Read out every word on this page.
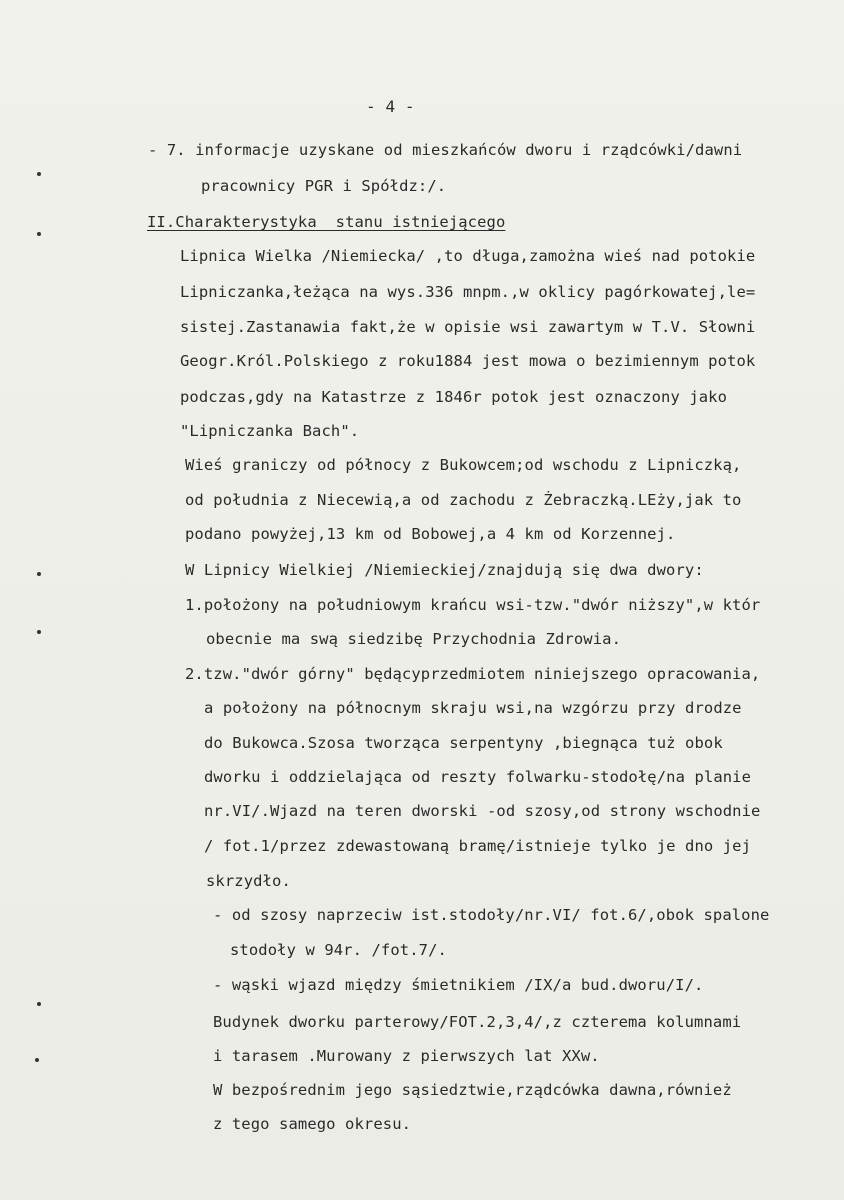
- 4 -
- 7. informacje uzyskane od mieszkańców dworu i rządcówki/dawni
pracownicy PGR i Spółdz:/.
II.Charakterystyka  stanu istniejącego
Lipnica Wielka /Niemiecka/ ,to długa,zamożna wieś nad potokie
Lipniczanka,łeżąca na wys.336 mnpm.,w oklicy pagórkowatej,le=
sistej.Zastanawia fakt,że w opisie wsi zawartym w T.V. Słowni
Geogr.Król.Polskiego z roku1884 jest mowa o bezimiennym potok
podczas,gdy na Katastrze z 1846r potok jest oznaczony jako
"Lipniczanka Bach".
Wieś graniczy od północy z Bukowcem;od wschodu z Lipniczką,
od południa z Niecewią,a od zachodu z Żebraczką.LEży,jak to
podano powyżej,13 km od Bobowej,a 4 km od Korzennej.
W Lipnicy Wielkiej /Niemieckiej/znajdują się dwa dwory:
1.położony na południowym krańcu wsi-tzw."dwór niższy",w któr
obecnie ma swą siedzibę Przychodnia Zdrowia.
2.tzw."dwór górny" będącyprzedmiotem niniejszego opracowania,
a położony na północnym skraju wsi,na wzgórzu przy drodze
do Bukowca.Szosa tworząca serpentyny ,biegnąca tuż obok
dworku i oddzielająca od reszty folwarku-stodołę/na planie
nr.VI/.Wjazd na teren dworski -od szosy,od strony wschodnie
/ fot.1/przez zdewastowaną bramę/istnieje tylko je dno jej
skrzydło.
- od szosy naprzeciw ist.stodoły/nr.VI/ fot.6/,obok spalone
stodoły w 94r. /fot.7/.
- wąski wjazd między śmietnikiem /IX/a bud.dworu/I/.
Budynek dworku parterowy/FOT.2,3,4/,z czterema kolumnami
i tarasem .Murowany z pierwszych lat XXw.
W bezpośrednim jego sąsiedztwie,rządcówka dawna,również
z tego samego okresu.
